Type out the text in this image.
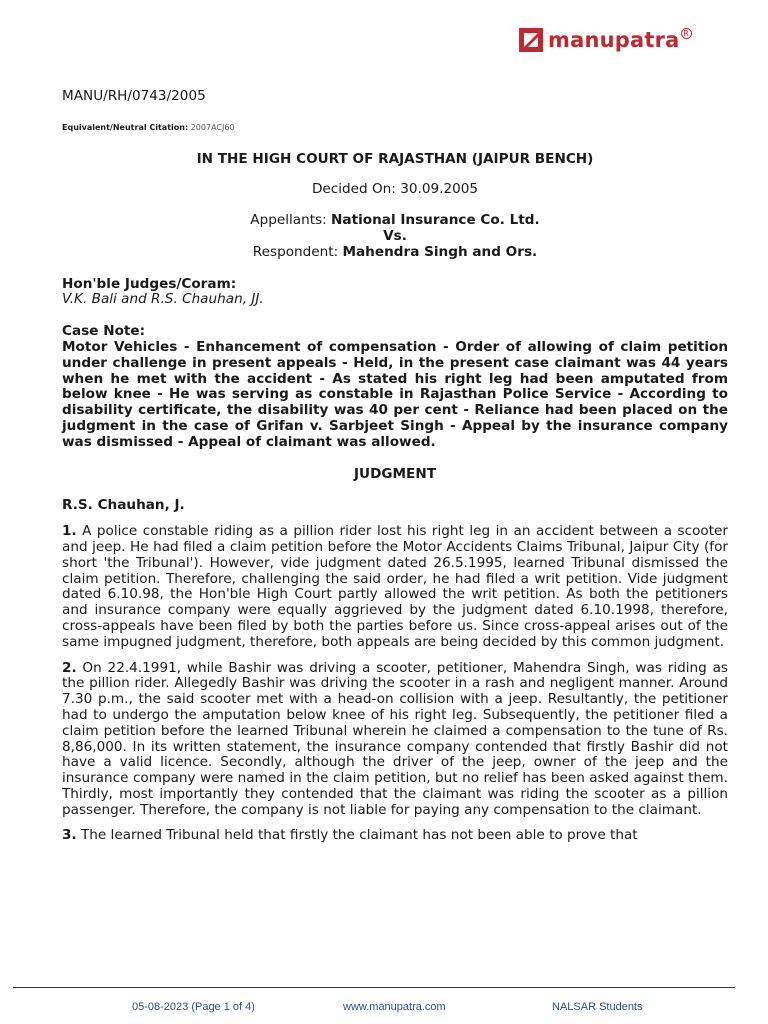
manupatra R
MANU/RH/0743/2005
Equivalent/Neutral Citation: 2007ACJ60
IN THE HIGH COURT OF RAJASTHAN (JAIPUR BENCH)
Decided On: 30.09.2005
Appellants: National Insurance Co. Ltd.
Vs.
Respondent: Mahendra Singh and Ors.
Hon'ble Judges/Coram:
V.K. Bali and R.S. Chauhan, JJ.
Case Note:
Motor Vehicles - Enhancement of compensation - Order of allowing of claim petition under challenge in present appeals - Held, in the present case claimant was 44 years when he met with the accident - As stated his right leg had been amputated from below knee - He was serving as constable in Rajasthan Police Service - According to disability certificate, the disability was 40 per cent - Reliance had been placed on the judgment in the case of Grifan v. Sarbjeet Singh - Appeal by the insurance company was dismissed - Appeal of claimant was allowed.
JUDGMENT
R.S. Chauhan, J.
1. A police constable riding as a pillion rider lost his right leg in an accident between a scooter and jeep. He had filed a claim petition before the Motor Accidents Claims Tribunal, Jaipur City (for short 'the Tribunal'). However, vide judgment dated 26.5.1995, learned Tribunal dismissed the claim petition. Therefore, challenging the said order, he had filed a writ petition. Vide judgment dated 6.10.98, the Hon'ble High Court partly allowed the writ petition. As both the petitioners and insurance company were equally aggrieved by the judgment dated 6.10.1998, therefore, cross-appeals have been filed by both the parties before us. Since cross-appeal arises out of the same impugned judgment, therefore, both appeals are being decided by this common judgment.
2. On 22.4.1991, while Bashir was driving a scooter, petitioner, Mahendra Singh, was riding as the pillion rider. Allegedly Bashir was driving the scooter in a rash and negligent manner. Around 7.30 p.m., the said scooter met with a head-on collision with a jeep. Resultantly, the petitioner had to undergo the amputation below knee of his right leg. Subsequently, the petitioner filed a claim petition before the learned Tribunal wherein he claimed a compensation to the tune of Rs. 8,86,000. In its written statement, the insurance company contended that firstly Bashir did not have a valid licence. Secondly, although the driver of the jeep, owner of the jeep and the insurance company were named in the claim petition, but no relief has been asked against them. Thirdly, most importantly they contended that the claimant was riding the scooter as a pillion passenger. Therefore, the company is not liable for paying any compensation to the claimant.
3. The learned Tribunal held that firstly the claimant has not been able to prove that
05-08-2023 (Page 1 of 4)	www.manupatra.com	NALSAR Students
